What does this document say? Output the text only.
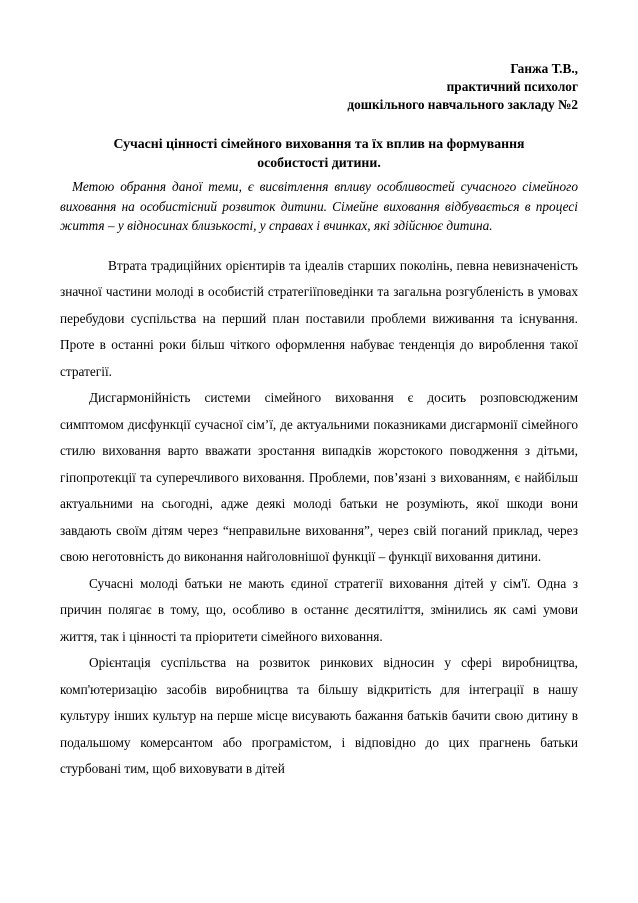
Ганжа Т.В.,
практичний психолог
дошкільного навчального закладу №2
Сучасні цінності сімейного виховання та їх вплив на формування особистості дитини.
Метою обрання даної теми, є висвітлення впливу особливостей сучасного сімейного виховання на особистісний розвиток дитини. Сімейне виховання відбувається в процесі життя – у відносинах близькості, у справах і вчинках, які здійснює дитина.

Втрата традиційних орієнтирів та ідеалів старших поколінь, певна невизначеність значної частини молоді в особистій стратегіїповедінки та загальна розгубленість в умовах перебудови суспільства на перший план поставили проблеми виживання та існування. Проте в останні роки більш чіткого оформлення набуває тенденція до вироблення такої стратегії.

Дисгармонійність системи сімейного виховання є досить розповсюдженим симптомом дисфункції сучасної сім’ї, де актуальними показниками дисгармонії сімейного стилю виховання варто вважати зростання випадків жорстокого поводження з дітьми, гіпопротекції та суперечливого виховання. Проблеми, пов’язані з вихованням, є найбільш актуальними на сьогодні, адже деякі молоді батьки не розуміють, якої шкоди вони завдають своїм дітям через “неправильне виховання”, через свій поганий приклад, через свою неготовність до виконання найголовнішої функції – функції виховання дитини.

Сучасні молоді батьки не мають єдиної стратегії виховання дітей у сім'ї. Одна з причин полягає в тому, що, особливо в останнє десятиліття, змінились як самі умови життя, так і цінності та пріоритети сімейного виховання.

Орієнтація суспільства на розвиток ринкових відносин у сфері виробництва, комп'ютеризацію засобів виробництва та більшу відкритість для інтеграції в нашу культуру інших культур на перше місце висувають бажання батьків бачити свою дитину в подальшому комерсантом або програмістом, і відповідно до цих прагнень батьки стурбовані тим, щоб виховувати в дітей
